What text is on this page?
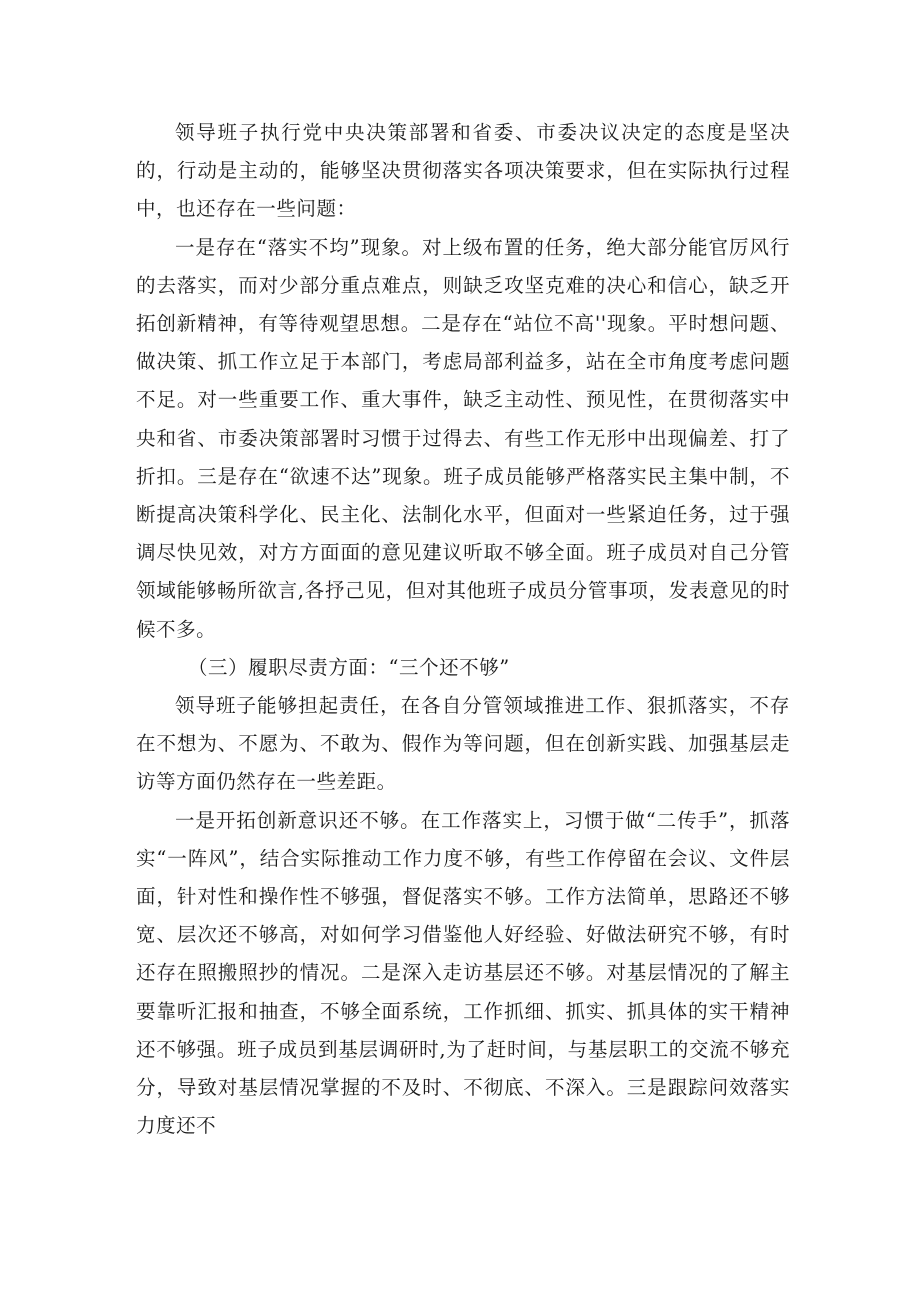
领导班子执行党中央决策部署和省委、市委决议决定的态度是坚决的，行动是主动的，能够坚决贯彻落实各项决策要求，但在实际执行过程中，也还存在一些问题：

一是存在“落实不均”现象。对上级布置的任务，绝大部分能官厉风行的去落实，而对少部分重点难点，则缺乏攻坚克难的决心和信心，缺乏开拓创新精神，有等待观望思想。二是存在“站位不高''现象。平时想问题、做决策、抓工作立足于本部门，考虑局部利益多，站在全市角度考虑问题不足。对一些重要工作、重大事件，缺乏主动性、预见性，在贯彻落实中央和省、市委决策部署时习惯于过得去、有些工作无形中出现偏差、打了折扣。三是存在“欲速不达”现象。班子成员能够严格落实民主集中制，不断提高决策科学化、民主化、法制化水平，但面对一些紧迫任务，过于强调尽快见效，对方方面面的意见建议听取不够全面。班子成员对自己分管领域能够畅所欲言,各抒己见，但对其他班子成员分管事项，发表意见的时候不多。

（三）履职尽责方面：“三个还不够”

领导班子能够担起责任，在各自分管领域推进工作、狠抓落实，不存在不想为、不愿为、不敢为、假作为等问题，但在创新实践、加强基层走访等方面仍然存在一些差距。

一是开拓创新意识还不够。在工作落实上，习惯于做“二传手”，抓落实“一阵风”，结合实际推动工作力度不够，有些工作停留在会议、文件层面，针对性和操作性不够强，督促落实不够。工作方法简单，思路还不够宽、层次还不够高，对如何学习借鉴他人好经验、好做法研究不够，有时还存在照搬照抄的情况。二是深入走访基层还不够。对基层情况的了解主要靠听汇报和抽查，不够全面系统，工作抓细、抓实、抓具体的实干精神还不够强。班子成员到基层调研时,为了赶时间，与基层职工的交流不够充分，导致对基层情况掌握的不及时、不彻底、不深入。三是跟踪问效落实力度还不
